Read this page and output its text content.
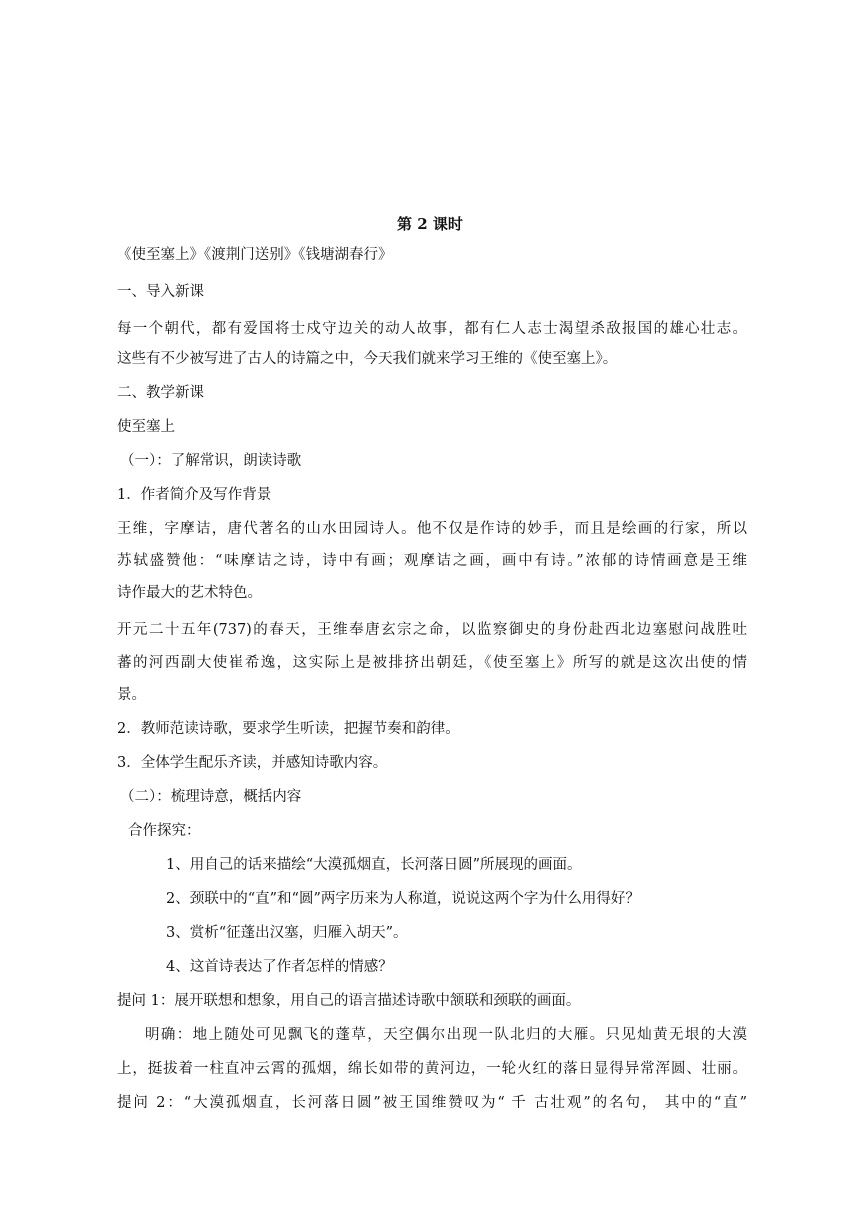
第 2 课时
《使至塞上》《渡荆门送别》《钱塘湖春行》
一、导入新课
每一个朝代，都有爱国将士戍守边关的动人故事，都有仁人志士渴望杀敌报国的雄心壮志。
这些有不少被写进了古人的诗篇之中，今天我们就来学习王维的《使至塞上》。
二、教学新课
使至塞上
（一）：了解常识，朗读诗歌
1．作者简介及写作背景
王维，字摩诘，唐代著名的山水田园诗人。他不仅是作诗的妙手，而且是绘画的行家，所以
苏轼盛赞他：“味摩诘之诗，诗中有画；观摩诘之画，画中有诗。”浓郁的诗情画意是王维
诗作最大的艺术特色。
开元二十五年(737)的春天，王维奉唐玄宗之命，以监察御史的身份赴西北边塞慰问战胜吐
蕃的河西副大使崔希逸，这实际上是被排挤出朝廷，《使至塞上》所写的就是这次出使的情
景。
2．教师范读诗歌，要求学生听读，把握节奏和韵律。
3．全体学生配乐齐读，并感知诗歌内容。
（二）：梳理诗意，概括内容
合作探究：
1、用自己的话来描绘“大漠孤烟直，长河落日圆”所展现的画面。
2、颈联中的“直”和“圆”两字历来为人称道，说说这两个字为什么用得好？
3、赏析“征蓬出汉塞，归雁入胡天”。
4、这首诗表达了作者怎样的情感？
提问 1：展开联想和想象，用自己的语言描述诗歌中颔联和颈联的画面。
明确：地上随处可见飘飞的蓬草，天空偶尔出现一队北归的大雁。只见灿黄无垠的大漠
上，挺拔着一柱直冲云霄的孤烟，绵长如带的黄河边，一轮火红的落日显得异常浑圆、壮丽。
提问 2：“大漠孤烟直，长河落日圆”被王国维赞叹为“ 千 古壮观”的名句， 其中的“直”
